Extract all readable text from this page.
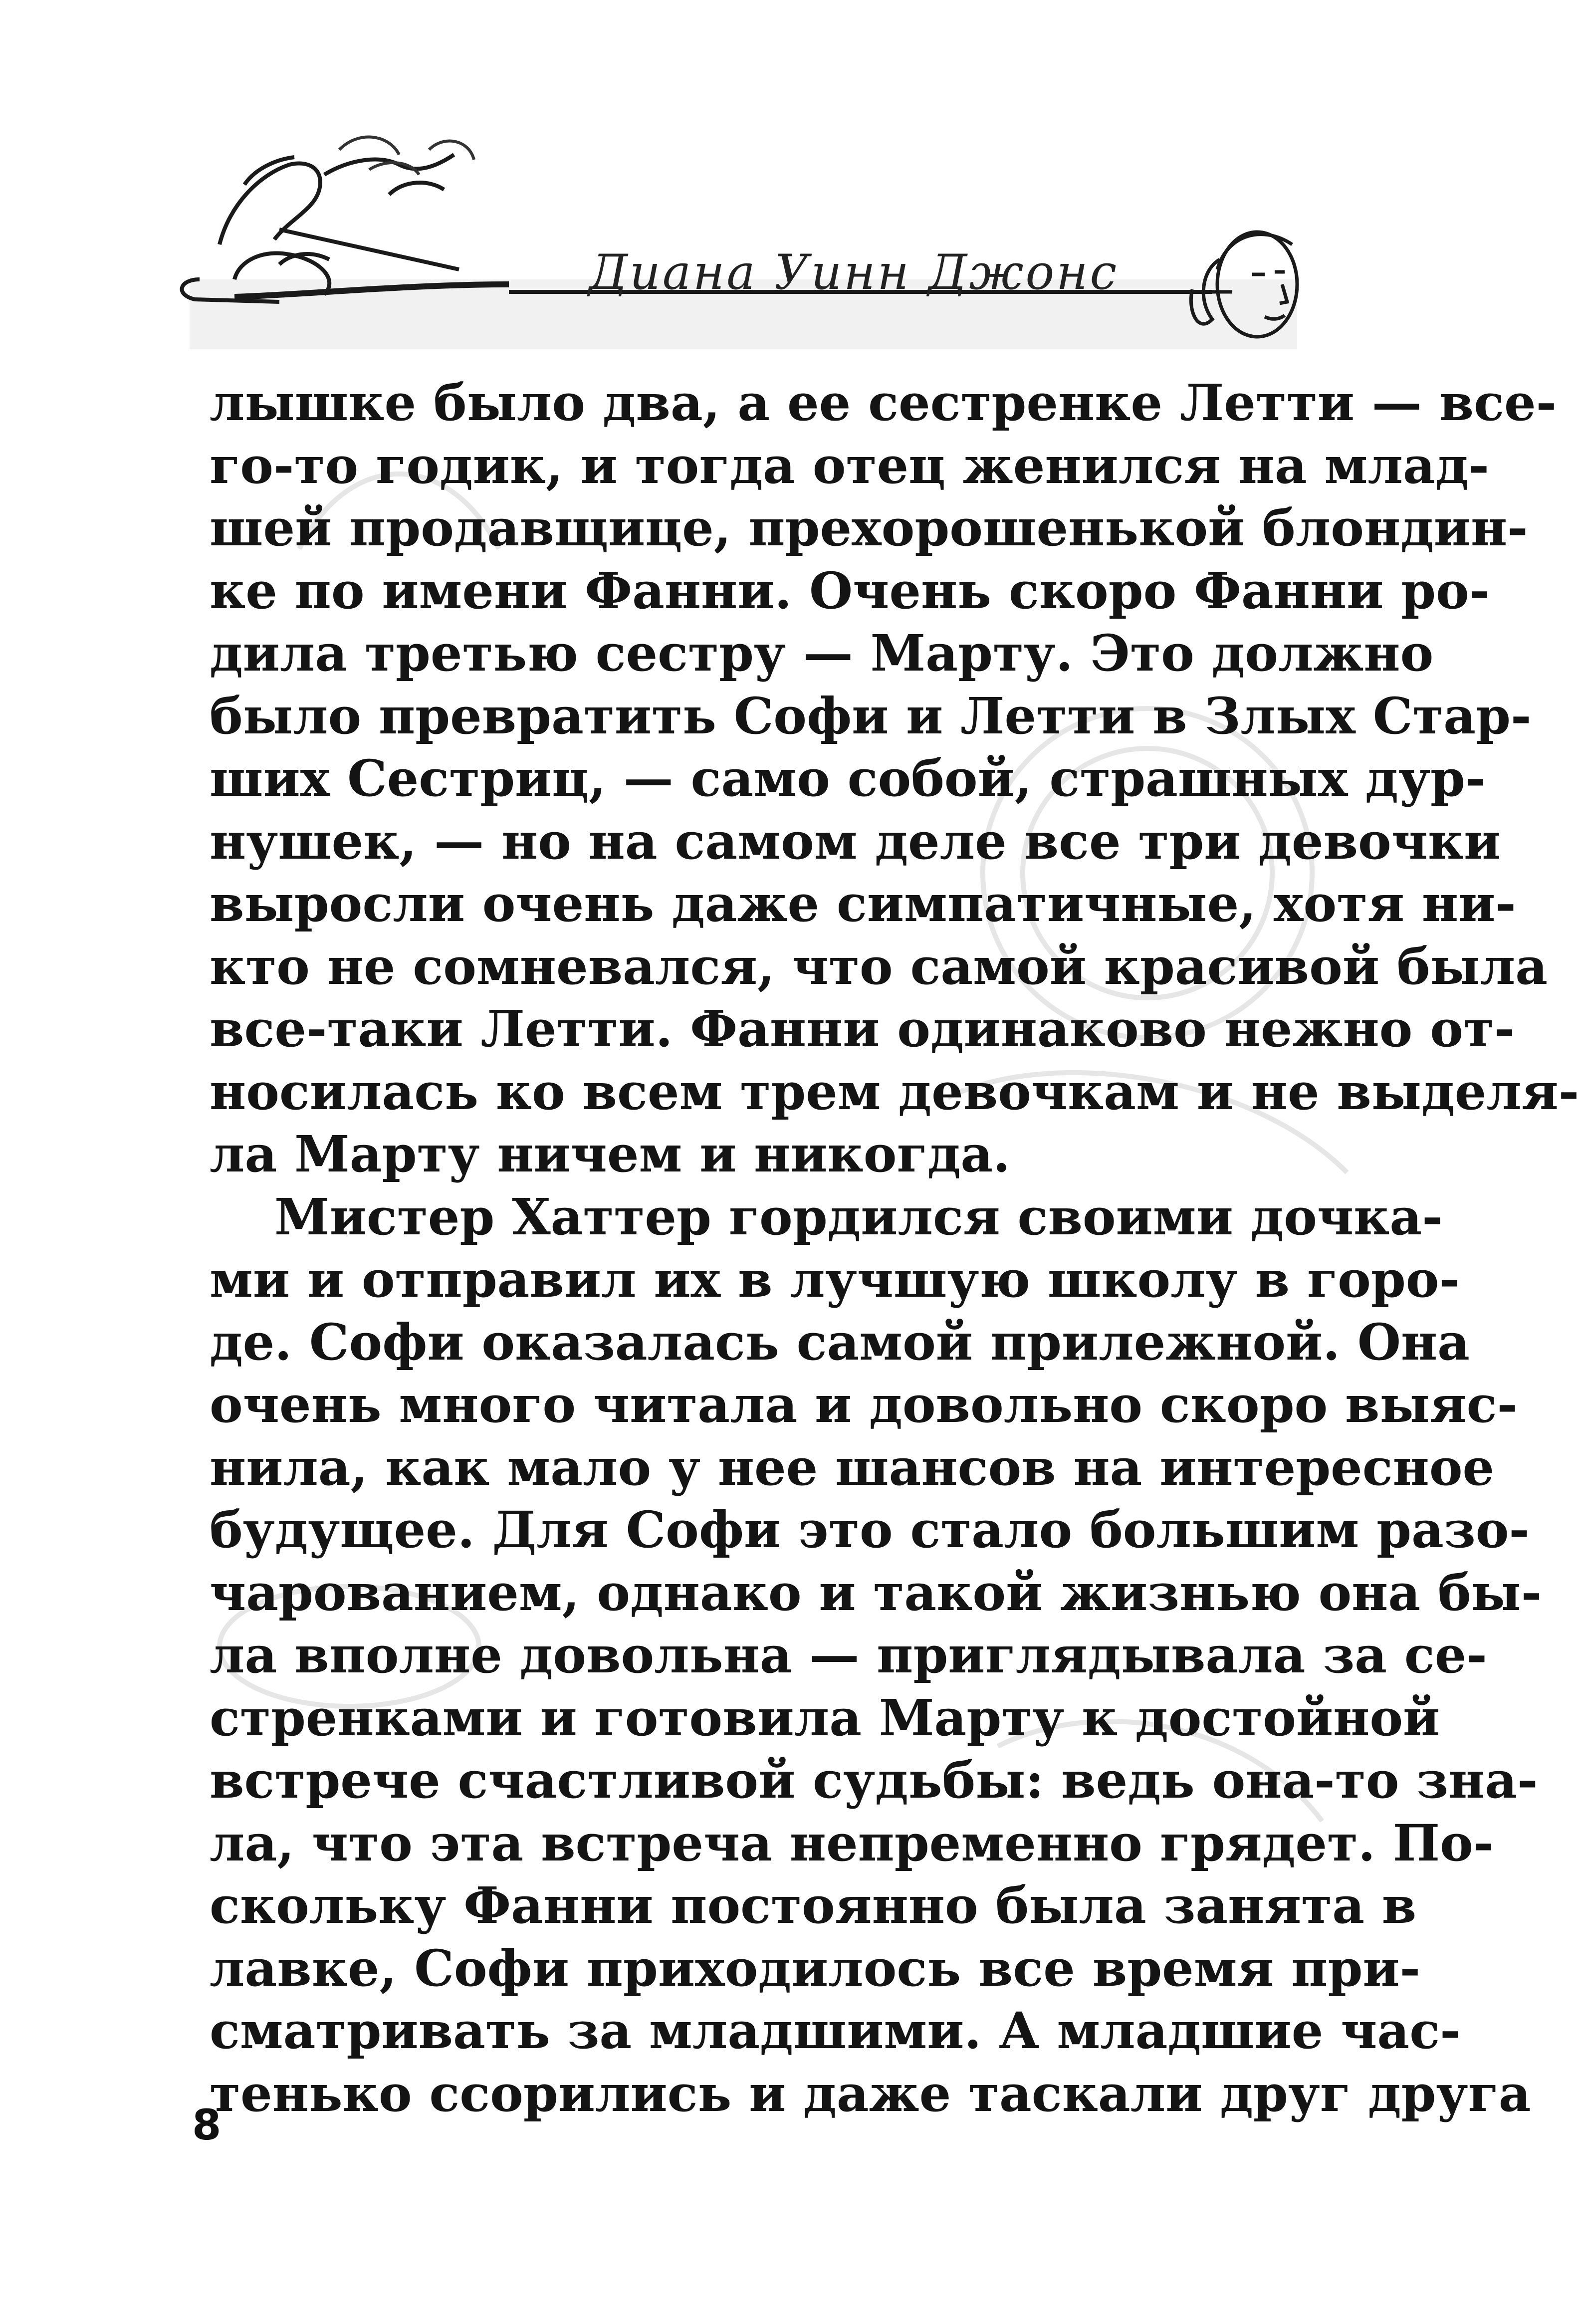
Диана Уинн Джонс
лышке было два, а ее сестренке Летти — все-
го-то годик, и тогда отец женился на млад-
шей продавщице, прехорошенькой блондин-
ке по имени Фанни. Очень скоро Фанни ро-
дила третью сестру — Марту. Это должно
было превратить Софи и Летти в Злых Стар-
ших Сестриц, — само собой, страшных дур-
нушек, — но на самом деле все три девочки
выросли очень даже симпатичные, хотя ни-
кто не сомневался, что самой красивой была
все-таки Летти. Фанни одинаково нежно от-
носилась ко всем трем девочкам и не выделя-
ла Марту ничем и никогда.
Мистер Хаттер гордился своими дочка-
ми и отправил их в лучшую школу в горо-
де. Софи оказалась самой прилежной. Она
очень много читала и довольно скоро выяс-
нила, как мало у нее шансов на интересное
будущее. Для Софи это стало большим разо-
чарованием, однако и такой жизнью она бы-
ла вполне довольна — приглядывала за се-
стренками и готовила Марту к достойной
встрече счастливой судьбы: ведь она-то зна-
ла, что эта встреча непременно грядет. По-
скольку Фанни постоянно была занята в
лавке, Софи приходилось все время при-
сматривать за младшими. А младшие час-
тенько ссорились и даже таскали друг друга
8
